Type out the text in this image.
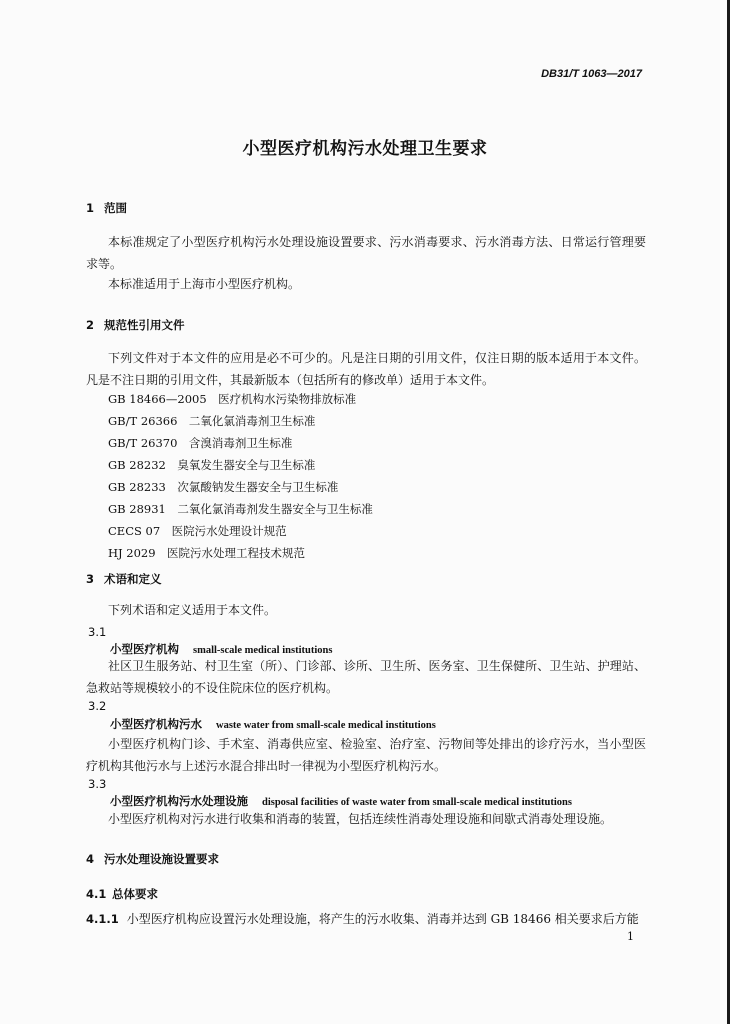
DB31/T 1063—2017
小型医疗机构污水处理卫生要求
1 范围
本标准规定了小型医疗机构污水处理设施设置要求、污水消毒要求、污水消毒方法、日常运行管理要求等。
本标准适用于上海市小型医疗机构。
2 规范性引用文件
下列文件对于本文件的应用是必不可少的。凡是注日期的引用文件，仅注日期的版本适用于本文件。凡是不注日期的引用文件，其最新版本（包括所有的修改单）适用于本文件。
GB 18466—2005　医疗机构水污染物排放标准
GB/T 26366　二氧化氯消毒剂卫生标准
GB/T 26370　含溴消毒剂卫生标准
GB 28232　臭氧发生器安全与卫生标准
GB 28233　次氯酸钠发生器安全与卫生标准
GB 28931　二氧化氯消毒剂发生器安全与卫生标准
CECS 07　医院污水处理设计规范
HJ 2029　医院污水处理工程技术规范
3 术语和定义
下列术语和定义适用于本文件。
3.1
小型医疗机构 small-scale medical institutions
社区卫生服务站、村卫生室（所）、门诊部、诊所、卫生所、医务室、卫生保健所、卫生站、护理站、急救站等规模较小的不设住院床位的医疗机构。
3.2
小型医疗机构污水 waste water from small-scale medical institutions
小型医疗机构门诊、手术室、消毒供应室、检验室、治疗室、污物间等处排出的诊疗污水，当小型医疗机构其他污水与上述污水混合排出时一律视为小型医疗机构污水。
3.3
小型医疗机构污水处理设施 disposal facilities of waste water from small-scale medical institutions
小型医疗机构对污水进行收集和消毒的装置，包括连续性消毒处理设施和间歇式消毒处理设施。
4 污水处理设施设置要求
4.1 总体要求
4.1.1 小型医疗机构应设置污水处理设施，将产生的污水收集、消毒并达到 GB 18466 相关要求后方能
1
